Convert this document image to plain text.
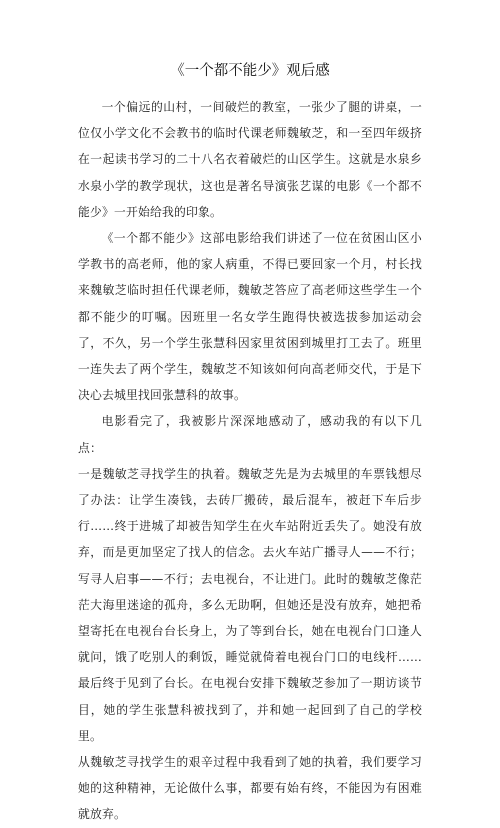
《一个都不能少》观后感

一个偏远的山村，一间破烂的教室，一张少了腿的讲桌，一位仅小学文化不会教书的临时代课老师魏敏芝，和一至四年级挤在一起读书学习的二十八名衣着破烂的山区学生。这就是水泉乡水泉小学的教学现状，这也是著名导演张艺谋的电影《一个都不能少》一开始给我的印象。

《一个都不能少》这部电影给我们讲述了一位在贫困山区小学教书的高老师，他的家人病重，不得已要回家一个月，村长找来魏敏芝临时担任代课老师，魏敏芝答应了高老师这些学生一个都不能少的叮嘱。因班里一名女学生跑得快被选拔参加运动会了，不久，另一个学生张慧科因家里贫困到城里打工去了。班里一连失去了两个学生，魏敏芝不知该如何向高老师交代，于是下决心去城里找回张慧科的故事。

电影看完了，我被影片深深地感动了，感动我的有以下几点：

一是魏敏芝寻找学生的执着。魏敏芝先是为去城里的车票钱想尽了办法：让学生凑钱，去砖厂搬砖，最后混车，被赶下车后步行……终于进城了却被告知学生在火车站附近丢失了。她没有放弃，而是更加坚定了找人的信念。去火车站广播寻人——不行；写寻人启事——不行；去电视台，不让进门。此时的魏敏芝像茫茫大海里迷途的孤舟，多么无助啊，但她还是没有放弃，她把希望寄托在电视台台长身上，为了等到台长，她在电视台门口逢人就问，饿了吃别人的剩饭，睡觉就倚着电视台门口的电线杆……最后终于见到了台长。在电视台安排下魏敏芝参加了一期访谈节目，她的学生张慧科被找到了，并和她一起回到了自己的学校里。

从魏敏芝寻找学生的艰辛过程中我看到了她的执着，我们要学习她的这种精神，无论做什么事，都要有始有终，不能因为有困难就放弃。
